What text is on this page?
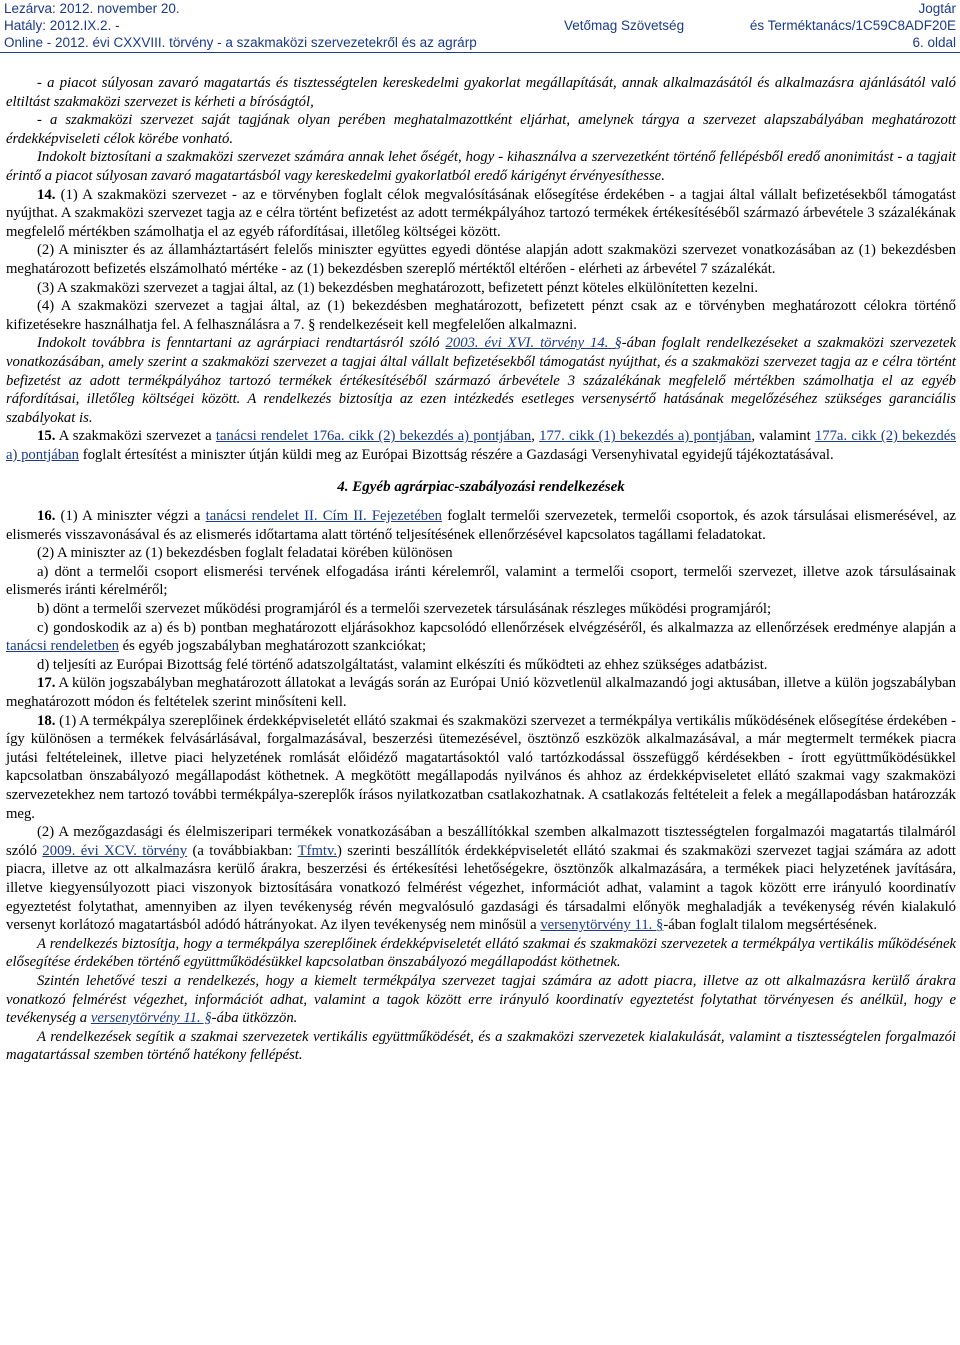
Lezárva: 2012. november 20.
Hatály: 2012.IX.2. -
Online - 2012. évi CXXVIII. törvény - a szakmaközi szervezetekről és az agrárp
Vetőmag Szövetség
Jogtár
és Terméktanács/1C59C8ADF20E
6. oldal

- a piacot súlyosan zavaró magatartás és tisztességtelen kereskedelmi gyakorlat megállapítását, annak alkalmazásától és alkalmazásra ajánlásától való eltiltást szakmaközi szervezet is kérheti a bíróságtól,

- a szakmaközi szervezet saját tagjának olyan perében meghatalmazottként eljárhat, amelynek tárgya a szervezet alapszabályában meghatározott érdekképviseleti célok körébe vonható.

Indokolt biztosítani a szakmaközi szervezet számára annak lehet őségét, hogy - kihasználva a szervezetként történő fellépésből eredő anonimitást - a tagjait érintő a piacot súlyosan zavaró magatartásból vagy kereskedelmi gyakorlatból eredő kárigényt érvényesíthesse.

14. (1) A szakmaközi szervezet - az e törvényben foglalt célok megvalósításának elősegítése érdekében - a tagjai által vállalt befizetésekből támogatást nyújthat. A szakmaközi szervezet tagja az e célra történt befizetést az adott termékpályához tartozó termékek értékesítéséből származó árbevétele 3 százalékának megfelelő mértékben számolhatja el az egyéb ráfordításai, illetőleg költségei között.

(2) A miniszter és az államháztartásért felelős miniszter együttes egyedi döntése alapján adott szakmaközi szervezet vonatkozásában az (1) bekezdésben meghatározott befizetés elszámolható mértéke - az (1) bekezdésben szereplő mértéktől eltérően - elérheti az árbevétel 7 százalékát.

(3) A szakmaközi szervezet a tagjai által, az (1) bekezdésben meghatározott, befizetett pénzt köteles elkülönítetten kezelni.

(4) A szakmaközi szervezet a tagjai által, az (1) bekezdésben meghatározott, befizetett pénzt csak az e törvényben meghatározott célokra történő kifizetésekre használhatja fel. A felhasználásra a 7. § rendelkezéseit kell megfelelően alkalmazni.

Indokolt továbbra is fenntartani az agrárpiaci rendtartásról szóló 2003. évi XVI. törvény 14. §-ában foglalt rendelkezéseket a szakmaközi szervezetek vonatkozásában, amely szerint a szakmaközi szervezet a tagjai által vállalt befizetésekből támogatást nyújthat, és a szakmaközi szervezet tagja az e célra történt befizetést az adott termékpályához tartozó termékek értékesítéséből származó árbevétele 3 százalékának megfelelő mértékben számolhatja el az egyéb ráfordításai, illetőleg költségei között. A rendelkezés biztosítja az ezen intézkedés esetleges versenysértő hatásának megelőzéséhez szükséges garanciális szabályokat is.

15. A szakmaközi szervezet a tanácsi rendelet 176a. cikk (2) bekezdés a) pontjában, 177. cikk (1) bekezdés a) pontjában, valamint 177a. cikk (2) bekezdés a) pontjában foglalt értesítést a miniszter útján küldi meg az Európai Bizottság részére a Gazdasági Versenyhivatal egyidejű tájékoztatásával.

4. Egyéb agrárpiac-szabályozási rendelkezések

16. (1) A miniszter végzi a tanácsi rendelet II. Cím II. Fejezetében foglalt termelői szervezetek, termelői csoportok, és azok társulásai elismerésével, az elismerés visszavonásával és az elismerés időtartama alatt történő teljesítésének ellenőrzésével kapcsolatos tagállami feladatokat.

(2) A miniszter az (1) bekezdésben foglalt feladatai körében különösen

a) dönt a termelői csoport elismerési tervének elfogadása iránti kérelemről, valamint a termelői csoport, termelői szervezet, illetve azok társulásainak elismerés iránti kérelméről;

b) dönt a termelői szervezet működési programjáról és a termelői szervezetek társulásának részleges működési programjáról;

c) gondoskodik az a) és b) pontban meghatározott eljárásokhoz kapcsolódó ellenőrzések elvégzéséről, és alkalmazza az ellenőrzések eredménye alapján a tanácsi rendeletben és egyéb jogszabályban meghatározott szankciókat;

d) teljesíti az Európai Bizottság felé történő adatszolgáltatást, valamint elkészíti és működteti az ehhez szükséges adatbázist.

17. A külön jogszabályban meghatározott állatokat a levágás során az Európai Unió közvetlenül alkalmazandó jogi aktusában, illetve a külön jogszabályban meghatározott módon és feltételek szerint minősíteni kell.

18. (1) A termékpálya szereplőinek érdekképviseletét ellátó szakmai és szakmaközi szervezet a termékpálya vertikális működésének elősegítése érdekében - így különösen a termékek felvásárlásával, forgalmazásával, beszerzési ütemezésével, ösztönző eszközök alkalmazásával, a már megtermelt termékek piacra jutási feltételeinek, illetve piaci helyzetének romlását előidéző magatartásoktól való tartózkodással összefüggő kérdésekben - írott együttműködésükkel kapcsolatban önszabályozó megállapodást köthetnek. A megkötött megállapodás nyilvános és ahhoz az érdekképviseletet ellátó szakmai vagy szakmaközi szervezetekhez nem tartozó további termékpálya-szereplők írásos nyilatkozatban csatlakozhatnak. A csatlakozás feltételeit a felek a megállapodásban határozzák meg.

(2) A mezőgazdasági és élelmiszeripari termékek vonatkozásában a beszállítókkal szemben alkalmazott tisztességtelen forgalmazói magatartás tilalmáról szóló 2009. évi XCV. törvény (a továbbiakban: Tfmtv.) szerinti beszállítók érdekképviseletét ellátó szakmai és szakmaközi szervezet tagjai számára az adott piacra, illetve az ott alkalmazásra kerülő árakra, beszerzési és értékesítési lehetőségekre, ösztönzők alkalmazására, a termékek piaci helyzetének javítására, illetve kiegyensúlyozott piaci viszonyok biztosítására vonatkozó felmérést végezhet, információt adhat, valamint a tagok között erre irányuló koordinatív egyeztetést folytathat, amennyiben az ilyen tevékenység révén megvalósuló gazdasági és társadalmi előnyök meghaladják a tevékenység révén kialakuló versenyt korlátozó magatartásból adódó hátrányokat. Az ilyen tevékenység nem minősül a versenytörvény 11. §-ában foglalt tilalom megsértésének.

A rendelkezés biztosítja, hogy a termékpálya szereplőinek érdekképviseletét ellátó szakmai és szakmaközi szervezetek a termékpálya vertikális működésének elősegítése érdekében történő együttműködésükkel kapcsolatban önszabályozó megállapodást köthetnek.

Szintén lehetővé teszi a rendelkezés, hogy a kiemelt termékpálya szervezet tagjai számára az adott piacra, illetve az ott alkalmazásra kerülő árakra vonatkozó felmérést végezhet, információt adhat, valamint a tagok között erre irányuló koordinatív egyeztetést folytathat törvényesen és anélkül, hogy e tevékenység a versenytörvény 11. §-ába ütközzön.

A rendelkezések segítik a szakmai szervezetek vertikális együttműködését, és a szakmaközi szervezetek kialakulását, valamint a tisztességtelen forgalmazói magatartással szemben történő hatékony fellépést.
